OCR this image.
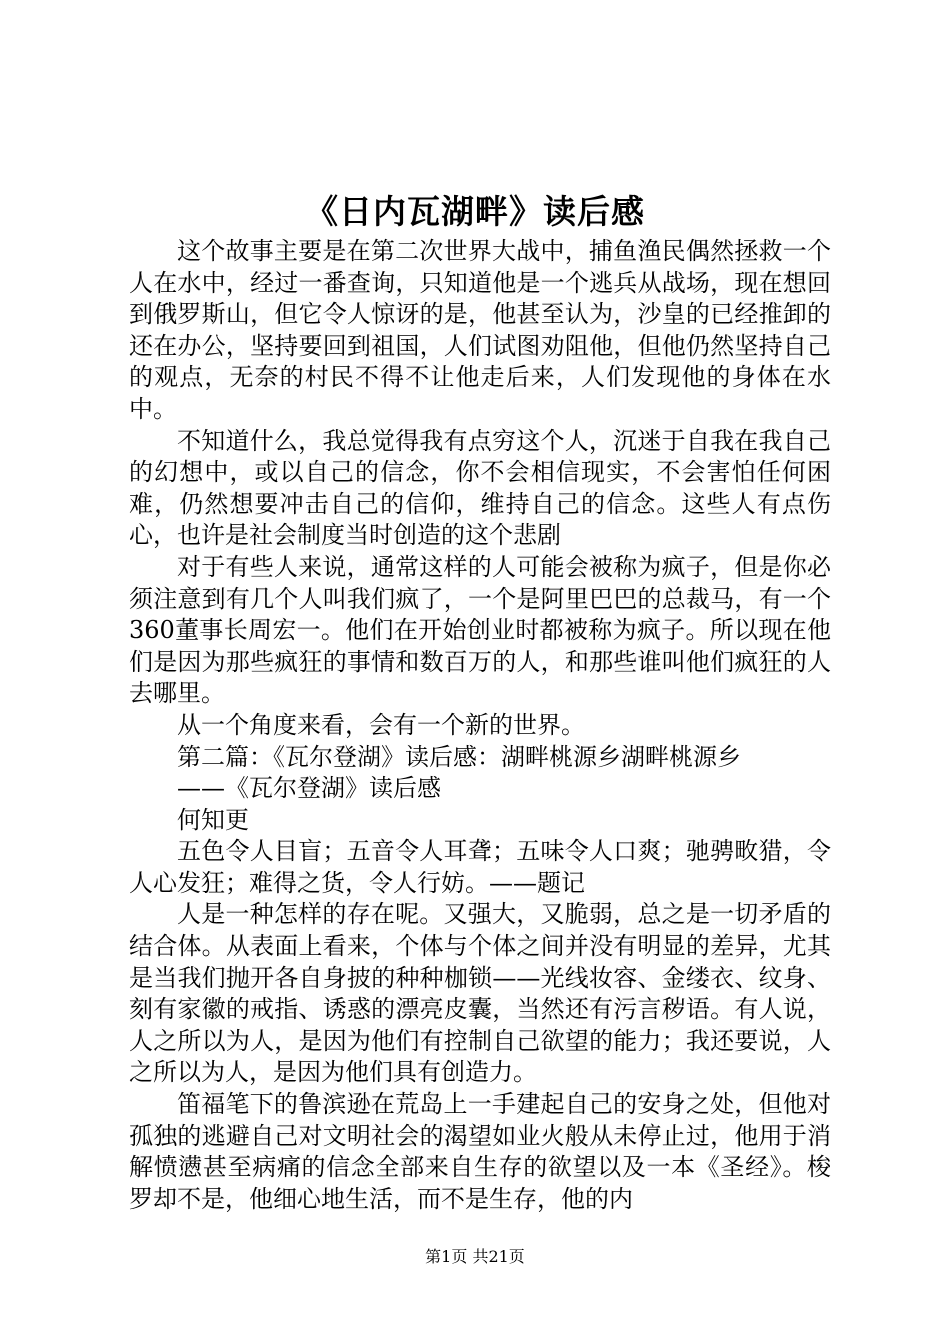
《日内瓦湖畔》读后感

这个故事主要是在第二次世界大战中，捕鱼渔民偶然拯救一个人在水中，经过一番查询，只知道他是一个逃兵从战场，现在想回到俄罗斯山，但它令人惊讶的是，他甚至认为，沙皇的已经推卸的还在办公，坚持要回到祖国，人们试图劝阻他，但他仍然坚持自己的观点，无奈的村民不得不让他走后来，人们发现他的身体在水中。

不知道什么，我总觉得我有点穷这个人，沉迷于自我在我自己的幻想中，或以自己的信念，你不会相信现实，不会害怕任何困难，仍然想要冲击自己的信仰，维持自己的信念。这些人有点伤心，也许是社会制度当时创造的这个悲剧

对于有些人来说，通常这样的人可能会被称为疯子，但是你必须注意到有几个人叫我们疯了，一个是阿里巴巴的总裁马，有一个360董事长周宏一。他们在开始创业时都被称为疯子。所以现在他们是因为那些疯狂的事情和数百万的人，和那些谁叫他们疯狂的人去哪里。

从一个角度来看，会有一个新的世界。

第二篇：《瓦尔登湖》读后感：湖畔桃源乡湖畔桃源乡

——《瓦尔登湖》读后感

何知更

五色令人目盲；五音令人耳聋；五味令人口爽；驰骋畋猎，令人心发狂；难得之货，令人行妨。——题记

人是一种怎样的存在呢。又强大，又脆弱，总之是一切矛盾的结合体。从表面上看来，个体与个体之间并没有明显的差异，尤其是当我们抛开各自身披的种种枷锁——光线妆容、金缕衣、纹身、刻有家徽的戒指、诱惑的漂亮皮囊，当然还有污言秽语。有人说，人之所以为人，是因为他们有控制自己欲望的能力；我还要说，人之所以为人，是因为他们具有创造力。

笛福笔下的鲁滨逊在荒岛上一手建起自己的安身之处，但他对孤独的逃避自己对文明社会的渴望如业火般从未停止过，他用于消解愤懑甚至病痛的信念全部来自生存的欲望以及一本《圣经》。梭罗却不是，他细心地生活，而不是生存，他的内

第1页 共21页
